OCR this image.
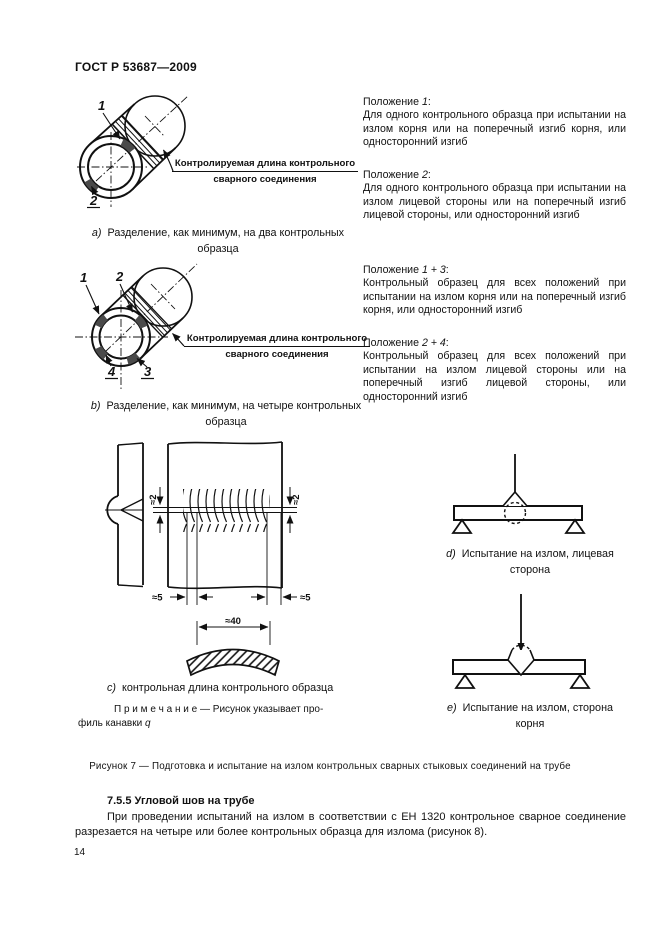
ГОСТ Р 53687—2009
Положение 1:
Для одного контрольного образца при испытании на излом корня или на поперечный изгиб корня, или односторонний изгиб
Положение 2:
Для одного контрольного образца при испытании на излом лицевой стороны или на поперечный изгиб лицевой стороны, или односторонний изгиб
Положение 1 + 3:
Контрольный образец для всех положений при испытании на излом корня или на поперечный изгиб корня, или односторонний изгиб
Положение 2 + 4:
Контрольный образец для всех положений при испытании на излом лицевой стороны или на поперечный изгиб лицевой стороны, или односторонний изгиб
1
2
Контролируемая длина контрольного
сварного соединения
a) Разделение, как минимум, на два контрольных образца
1 2
3
4
Контролируемая длина контрольного
сварного соединения
b) Разделение, как минимум, на четыре контрольных образца
≈2	≈2
≈5	≈5
≈40
c) контрольная длина контрольного образца
П р и м е ч а н и е — Рисунок указывает про-
филь канавки q
d) Испытание на излом, лицевая сторона
e) Испытание на излом, сторона корня
Рисунок 7 — Подготовка и испытание на излом контрольных сварных стыковых соединений на трубе
7.5.5 Угловой шов на трубе
При проведении испытаний на излом в соответствии с ЕН 1320 контрольное сварное соединение разрезается на четыре или более контрольных образца для излома (рисунок 8).
14
